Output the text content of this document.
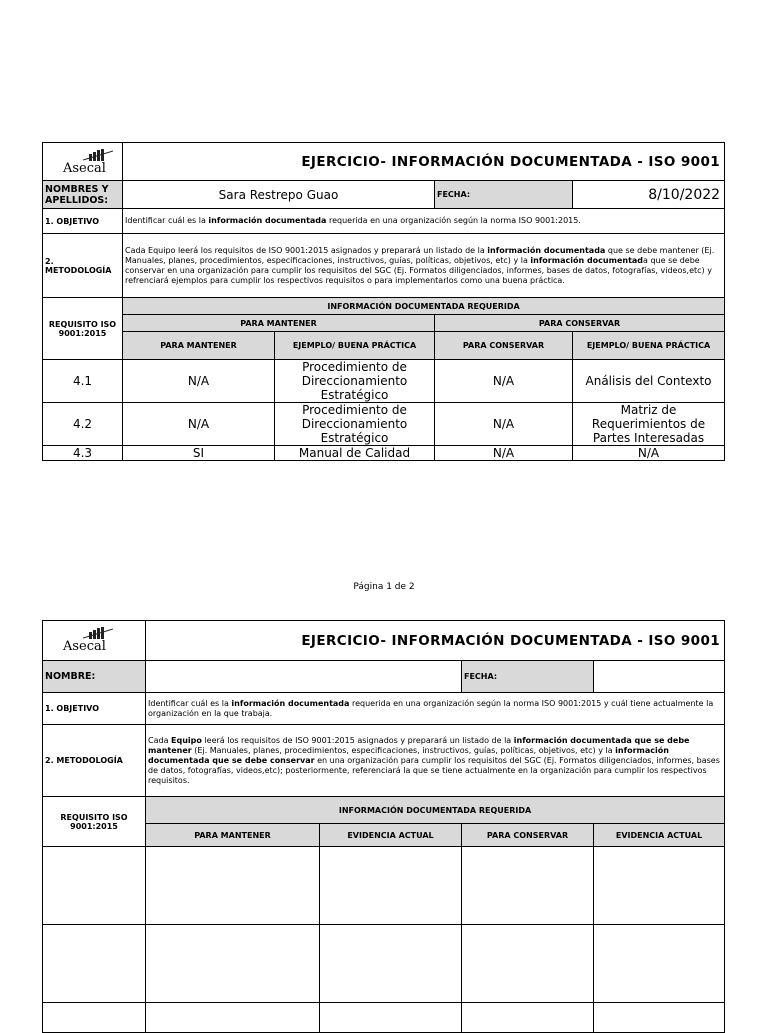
Asecal	EJERCICIO- INFORMACIÓN DOCUMENTADA - ISO 9001			
NOMBRES Y APELLIDOS:	Sara Restrepo Guao		FECHA:	8/10/2022
1. OBJETIVO	Identificar cuál es la información documentada requerida en una organización según la norma ISO 9001:2015.			
2. METODOLOGÍA	Cada Equipo leerá los requisitos de ISO 9001:2015 asignados y preparará un listado de la información documentada que se debe mantener (Ej. Manuales, planes, procedimientos, especificaciones, instructivos, guías, políticas, objetivos, etc) y la información documentada que se debe conservar en una organización para cumplir los requisitos del SGC (Ej. Formatos diligenciados, informes, bases de datos, fotografías, videos,etc) y refrenciará ejemplos para cumplir los respectivos requisitos o para implementarlos como una buena práctica.			
REQUISITO ISO 9001:2015	INFORMACIÓN DOCUMENTADA REQUERIDA			
	PARA MANTENER		PARA CONSERVAR	
	PARA MANTENER	EJEMPLO/ BUENA PRÁCTICA	PARA CONSERVAR	EJEMPLO/ BUENA PRÁCTICA
4.1	N/A	Procedimiento de Direccionamiento Estratégico	N/A	Análisis del Contexto
4.2	N/A	Procedimiento de Direccionamiento Estratégico	N/A	Matriz de Requerimientos de Partes Interesadas
4.3	SI	Manual de Calidad	N/A	N/A
Página 1 de 2
Asecal	EJERCICIO- INFORMACIÓN DOCUMENTADA - ISO 9001			
NOMBRE:			FECHA:	
1. OBJETIVO	Identificar cuál es la información documentada requerida en una organización según la norma ISO 9001:2015 y cuál tiene actualmente la organización en la que trabaja.			
2. METODOLOGÍA	Cada Equipo leerá los requisitos de ISO 9001:2015 asignados y preparará un listado de la información documentada que se debe mantener (Ej. Manuales, planes, procedimientos, especificaciones, instructivos, guías, políticas, objetivos, etc) y la información documentada que se debe conservar en una organización para cumplir los requisitos del SGC (Ej. Formatos diligenciados, informes, bases de datos, fotografías, videos,etc); posteriormente, referenciará la que se tiene actualmente en la organización para cumplir los respectivos requisitos.			
REQUISITO ISO 9001:2015	INFORMACIÓN DOCUMENTADA REQUERIDA			
	PARA MANTENER	EVIDENCIA ACTUAL	PARA CONSERVAR	EVIDENCIA ACTUAL
